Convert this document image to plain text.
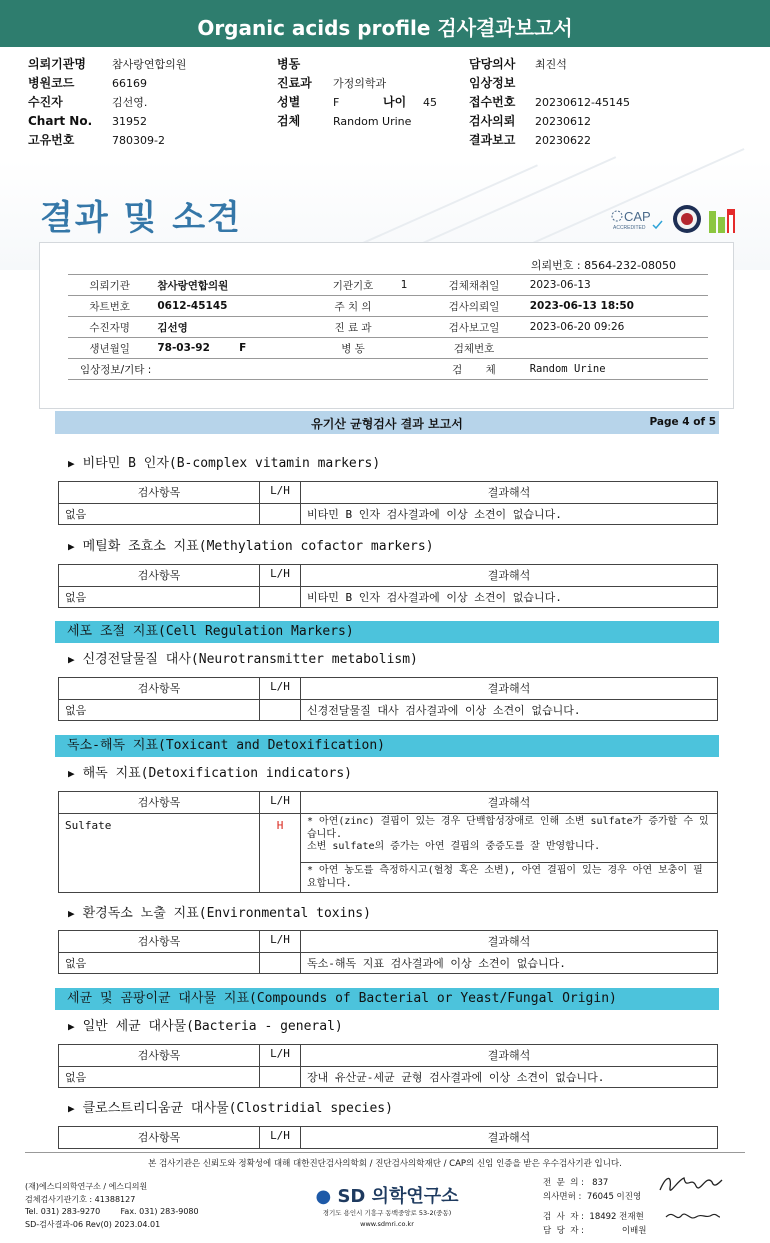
Organic acids profile 검사결과보고서
의뢰기관명 참사랑연합의원
병원코드	66169
수진자	김선영.
Chart No. 31952
고유번호	780309-2
병동
진료과 가정의학과
성별	F	나이 45
검체	Random Urine
담당의사 최진석
임상정보
접수번호 20230612-45145
검사의뢰 20230612
결과보고 20230622
결과 및 소견	CAP
ACCREDITED
의뢰번호 : 8564-232-08050
의뢰기관	참사랑연합의원	기관기호	1	검체채취일	2023-06-13
차트번호	0612-45145	주 치 의		검사의뢰일	2023-06-13 18:50
수진자명	김선영	진 료 과		검사보고일	2023-06-20 09:26
생년월일	78-03-92        F	병 동		검체번호	
임상정보/기타 :				검       체	Random Urine
유기산 균형검사 결과 보고서	Page 4 of 5
▶ 비타민 B 인자(B-complex vitamin markers)
검사항목	L/H	결과해석
없음		비타민 B 인자 검사결과에 이상 소견이 없습니다.
▶ 메틸화 조효소 지표(Methylation cofactor markers)
검사항목	L/H	결과해석
없음		비타민 B 인자 검사결과에 이상 소견이 없습니다.
세포 조절 지표(Cell Regulation Markers)
▶ 신경전달물질 대사(Neurotransmitter metabolism)
검사항목	L/H	결과해석
없음		신경전달물질 대사 검사결과에 이상 소견이 없습니다.
독소-해독 지표(Toxicant and Detoxification)
▶ 해독 지표(Detoxification indicators)
검사항목	L/H	결과해석
Sulfate	H	* 아연(zinc) 결핍이 있는 경우 단백합성장애로 인해 소변 sulfate가 증가할 수 있습니다.
소변 sulfate의 증가는 아연 결핍의 중증도를 잘 반영합니다.

		* 아연 농도를 측정하시고(혈청 혹은 소변), 아연 결핍이 있는 경우 아연 보충이 필요합니다.
▶ 환경독소 노출 지표(Environmental toxins)
검사항목	L/H	결과해석
없음		독소-해독 지표 검사결과에 이상 소견이 없습니다.
세균 및 곰팡이균 대사물 지표(Compounds of Bacterial or Yeast/Fungal Origin)
▶ 일반 세균 대사물(Bacteria - general)
검사항목	L/H	결과해석
없음		장내 유산균-세균 균형 검사결과에 이상 소견이 없습니다.
▶ 클로스트리디움균 대사물(Clostridial species)
검사항목	L/H	결과해석
본 검사기관은 신뢰도와 정확성에 대해 대한진단검사의학회 / 진단검사의학재단 / CAP의 신임 인증을 받은 우수검사기관 입니다.
(재)에스디의학연구소 / 에스디의원
검체검사기관기호 : 41388127
Tel. 031) 283-9270        Fax. 031) 283-9080
SD-검사결과-06 Rev(0) 2023.04.01
● SD 의학연구소
경기도 용인시 기흥구 동백중앙로 53-2(중동)
www.sdmri.co.kr
전  문  의 :   837
의사면허 :  76045 이진영
검  사  자 :  18492 전재현
담  당  자 :              이배원
